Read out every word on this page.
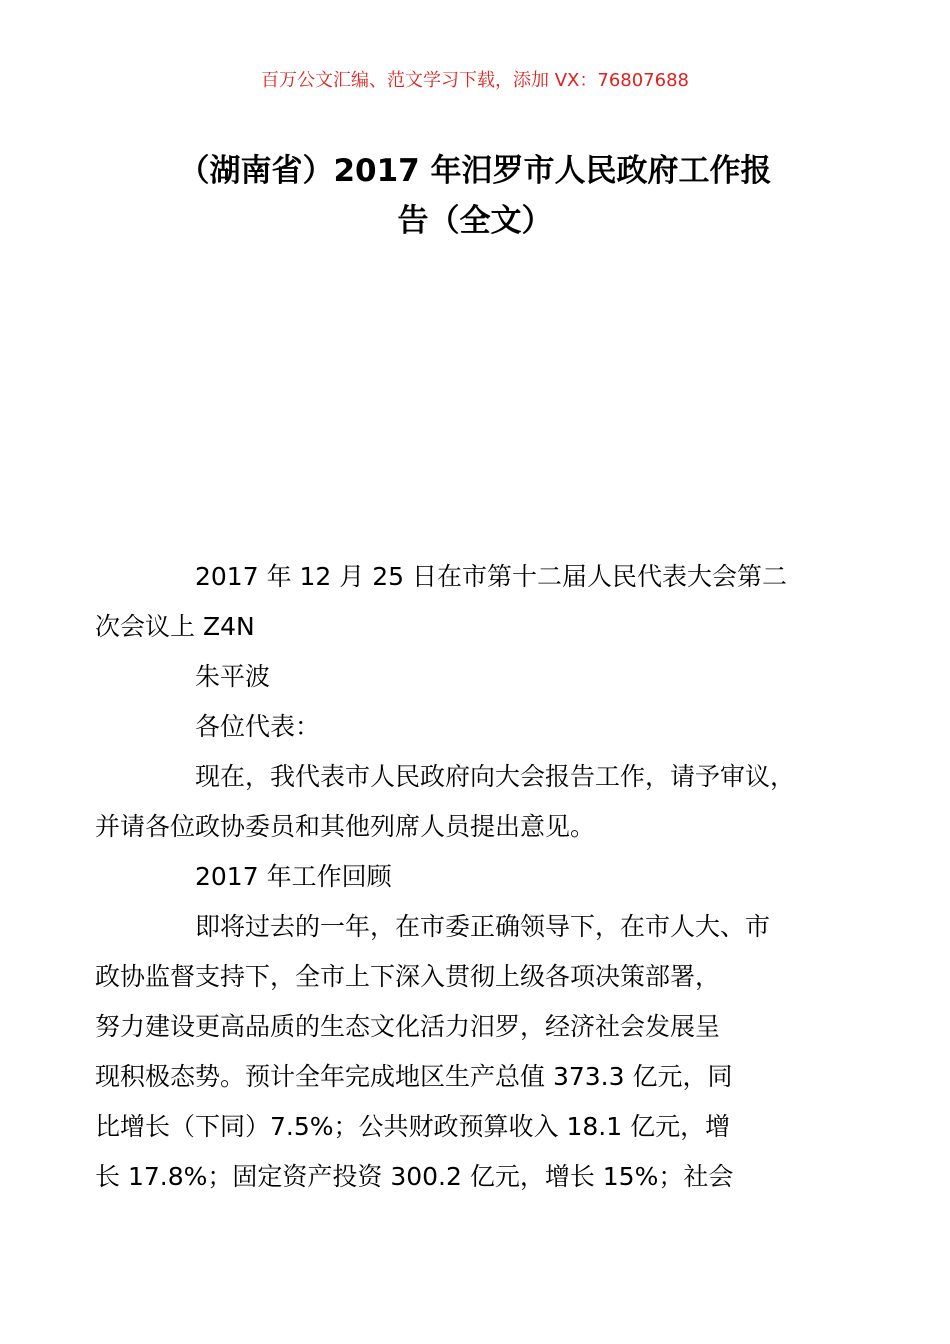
百万公文汇编、范文学习下载，添加 VX：76807688
（湖南省）2017 年汨罗市人民政府工作报
告（全文）

2017 年 12 月 25 日在市第十二届人民代表大会第二
次会议上 Z4N

朱平波

各位代表：

现在，我代表市人民政府向大会报告工作，请予审议，
并请各位政协委员和其他列席人员提出意见。

2017 年工作回顾

即将过去的一年，在市委正确领导下，在市人大、市
政协监督支持下，全市上下深入贯彻上级各项决策部署，
努力建设更高品质的生态文化活力汨罗，经济社会发展呈
现积极态势。预计全年完成地区生产总值 373.3 亿元，同
比增长（下同）7.5%；公共财政预算收入 18.1 亿元，增
长 17.8%；固定资产投资 300.2 亿元，增长 15%；社会
